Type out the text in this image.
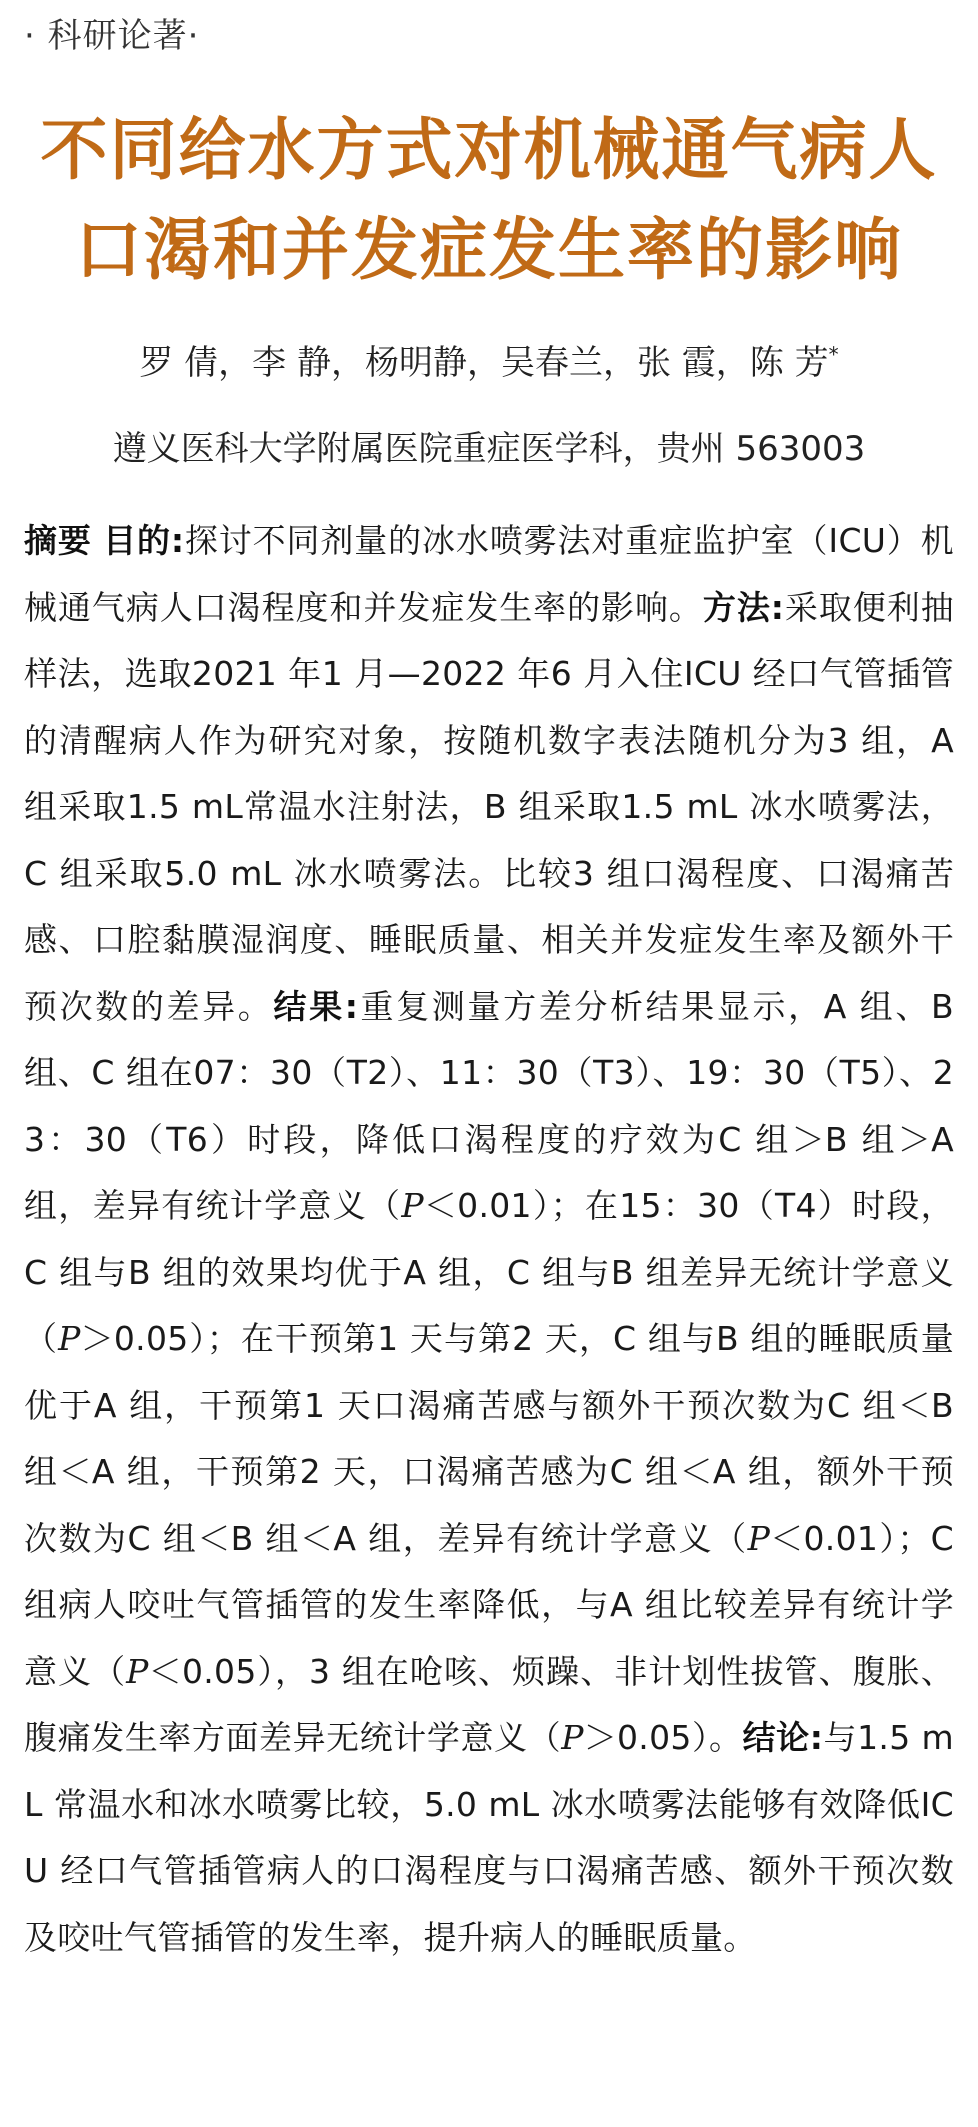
· 科研论著·
不同给水方式对机械通气病人
口渴和并发症发生率的影响
罗 倩，李 静，杨明静，吴春兰，张 霞，陈 芳*
遵义医科大学附属医院重症医学科，贵州 563003

摘要 目的:探讨不同剂量的冰水喷雾法对重症监护室（ICU）机械通气病人口渴程度和并发症发生率的影响。方法:采取便利抽样法，选取2021 年1 月—2022 年6 月入住ICU 经口气管插管的清醒病人作为研究对象，按随机数字表法随机分为3 组，A 组采取1.5 mL常温水注射法，B 组采取1.5 mL 冰水喷雾法，C 组采取5.0 mL 冰水喷雾法。比较3 组口渴程度、口渴痛苦感、口腔黏膜湿润度、睡眠质量、相关并发症发生率及额外干预次数的差异。结果:重复测量方差分析结果显示，A 组、B 组、C 组在07：30（T2）、11：30（T3）、19：30（T5）、23：30（T6）时段，降低口渴程度的疗效为C 组＞B 组＞A 组，差异有统计学意义（P＜0.01）；在15：30（T4）时段，C 组与B 组的效果均优于A 组，C 组与B 组差异无统计学意义（P＞0.05）；在干预第1 天与第2 天，C 组与B 组的睡眠质量优于A 组，干预第1 天口渴痛苦感与额外干预次数为C 组＜B 组＜A 组，干预第2 天，口渴痛苦感为C 组＜A 组，额外干预次数为C 组＜B 组＜A 组，差异有统计学意义（P＜0.01）；C 组病人咬吐气管插管的发生率降低，与A 组比较差异有统计学意义（P＜0.05），3 组在呛咳、烦躁、非计划性拔管、腹胀、腹痛发生率方面差异无统计学意义（P＞0.05）。结论:与1.5 mL 常温水和冰水喷雾比较，5.0 mL 冰水喷雾法能够有效降低ICU 经口气管插管病人的口渴程度与口渴痛苦感、额外干预次数及咬吐气管插管的发生率，提升病人的睡眠质量。
